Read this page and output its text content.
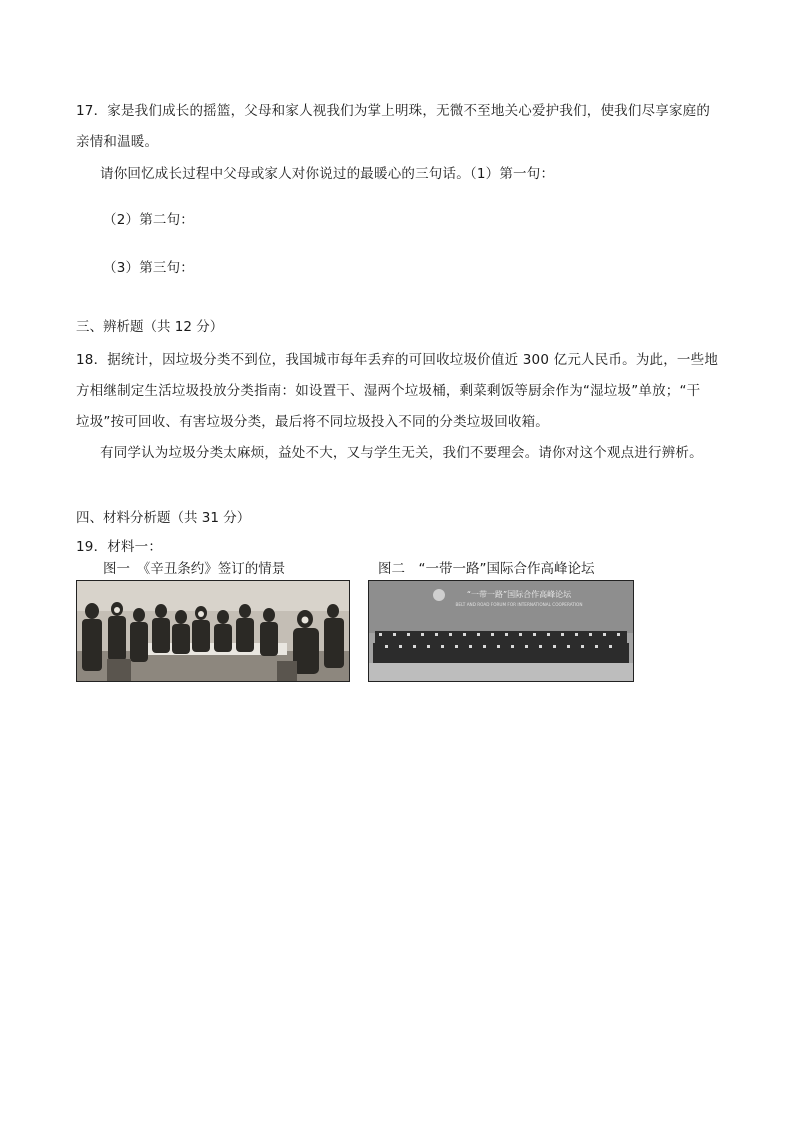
17．家是我们成长的摇篮，父母和家人视我们为掌上明珠，无微不至地关心爱护我们，使我们尽享家庭的
亲情和温暖。
请你回忆成长过程中父母或家人对你说过的最暖心的三句话。（1）第一句：
（2）第二句：
（3）第三句：
三、辨析题（共 12 分）
18．据统计，因垃圾分类不到位，我国城市每年丢弃的可回收垃圾价值近 300 亿元人民币。为此，一些地
方相继制定生活垃圾投放分类指南：如设置干、湿两个垃圾桶，剩菜剩饭等厨余作为“湿垃圾”单放；“干
垃圾”按可回收、有害垃圾分类，最后将不同垃圾投入不同的分类垃圾回收箱。
有同学认为垃圾分类太麻烦，益处不大，又与学生无关，我们不要理会。请你对这个观点进行辨析。
四、材料分析题（共 31 分）
19．材料一：
图一　《辛丑条约》签订的情景	图二　“一带一路”国际合作高峰论坛
“一带一路”国际合作高峰论坛
BELT AND ROAD FORUM FOR INTERNATIONAL COOPERATION
